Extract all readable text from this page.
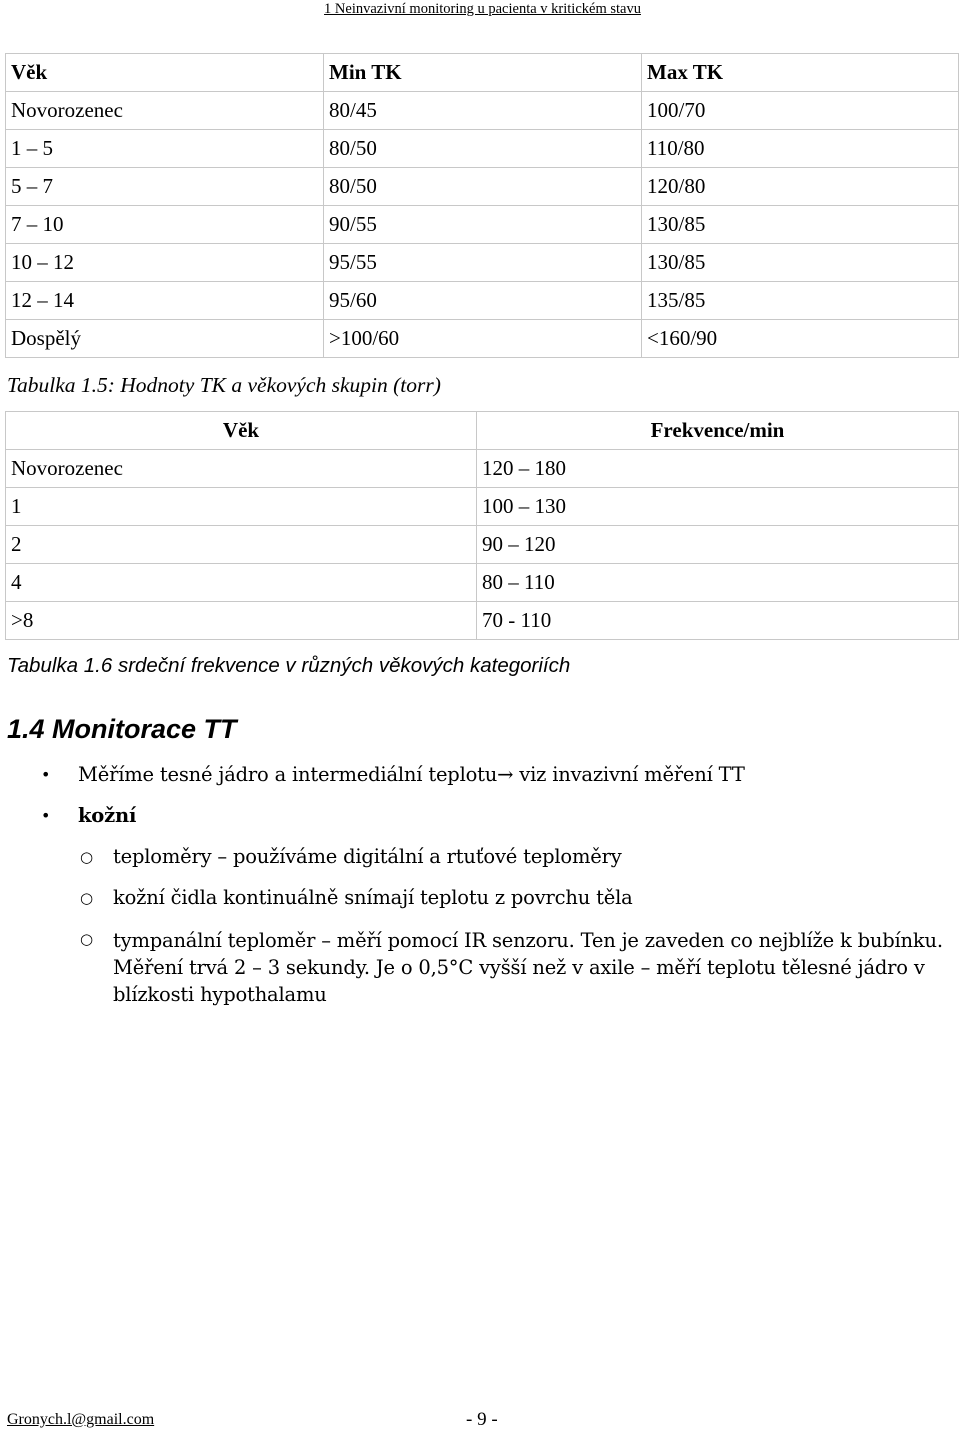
1 Neinvazivní monitoring u pacienta v kritickém stavu
Věk	Min TK	Max TK
Novorozenec	80/45	100/70
1 – 5	80/50	110/80
5 – 7	80/50	120/80
7 – 10	90/55	130/85
10 – 12	95/55	130/85
12 – 14	95/60	135/85
Dospělý	>100/60	<160/90
Tabulka 1.5: Hodnoty TK a věkových skupin (torr)
Věk	Frekvence/min
Novorozenec	120 – 180
1	100 – 130
2	90 – 120
4	80 – 110
>8	70 - 110
Tabulka 1.6 srdeční frekvence v různých věkových kategoriích
1.4 Monitorace TT
• Měříme tesné jádro a intermediální teplotu→ viz invazivní měření TT
• kožní
○ teploměry – používáme digitální a rtuťové teploměry
○ kožní čidla kontinuálně snímají teplotu z povrchu těla
○ tympanální teploměr – měří pomocí IR senzoru. Ten je zaveden co nejblíže k bubínku. Měření trvá 2 – 3 sekundy. Je o 0,5°C vyšší než v axile – měří teplotu tělesné jádro v blízkosti hypothalamu
Gronych.l@gmail.com	- 9 -
